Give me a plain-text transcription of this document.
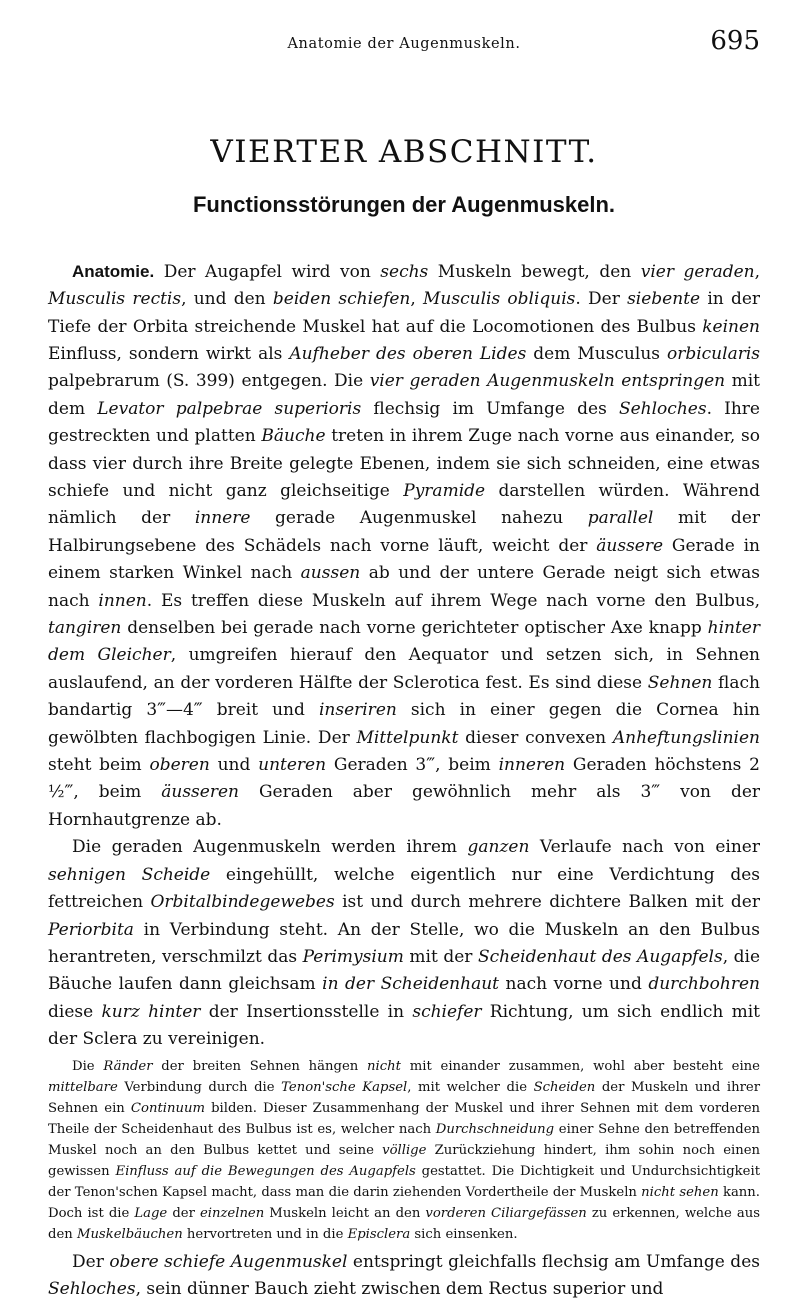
Anatomie der Augenmuskeln.	695
VIERTER ABSCHNITT.
Functionsstörungen der Augenmuskeln.

Anatomie. Der Augapfel wird von sechs Muskeln bewegt, den vier geraden, Musculis rectis, und den beiden schiefen, Musculis obliquis. Der siebente in der Tiefe der Orbita streichende Muskel hat auf die Locomotionen des Bulbus keinen Einfluss, sondern wirkt als Aufheber des oberen Lides dem Musculus orbicularis palpebrarum (S. 399) entgegen. Die vier geraden Augenmuskeln entspringen mit dem Levator palpebrae superioris flechsig im Umfange des Sehloches. Ihre gestreckten und platten Bäuche treten in ihrem Zuge nach vorne aus einander, so dass vier durch ihre Breite gelegte Ebenen, indem sie sich schneiden, eine etwas schiefe und nicht ganz gleichseitige Pyramide darstellen würden. Während nämlich der innere gerade Augenmuskel nahezu parallel mit der Halbirungsebene des Schädels nach vorne läuft, weicht der äussere Gerade in einem starken Winkel nach aussen ab und der untere Gerade neigt sich etwas nach innen. Es treffen diese Muskeln auf ihrem Wege nach vorne den Bulbus, tangiren denselben bei gerade nach vorne gerichteter optischer Axe knapp hinter dem Gleicher, umgreifen hierauf den Aequator und setzen sich, in Sehnen auslaufend, an der vorderen Hälfte der Sclerotica fest. Es sind diese Sehnen flach bandartig 3‴—4‴ breit und inseriren sich in einer gegen die Cornea hin gewölbten flachbogigen Linie. Der Mittelpunkt dieser convexen Anheftungslinien steht beim oberen und unteren Geraden 3‴, beim inneren Geraden höchstens 2 ½‴, beim äusseren Geraden aber gewöhnlich mehr als 3‴ von der Hornhautgrenze ab.

Die geraden Augenmuskeln werden ihrem ganzen Verlaufe nach von einer sehnigen Scheide eingehüllt, welche eigentlich nur eine Verdichtung des fettreichen Orbitalbindegewebes ist und durch mehrere dichtere Balken mit der Periorbita in Verbindung steht. An der Stelle, wo die Muskeln an den Bulbus herantreten, verschmilzt das Perimysium mit der Scheidenhaut des Augapfels, die Bäuche laufen dann gleichsam in der Scheidenhaut nach vorne und durchbohren diese kurz hinter der Insertionsstelle in schiefer Richtung, um sich endlich mit der Sclera zu vereinigen.

Die Ränder der breiten Sehnen hängen nicht mit einander zusammen, wohl aber besteht eine mittelbare Verbindung durch die Tenon'sche Kapsel, mit welcher die Scheiden der Muskeln und ihrer Sehnen ein Continuum bilden. Dieser Zusammenhang der Muskel und ihrer Sehnen mit dem vorderen Theile der Scheidenhaut des Bulbus ist es, welcher nach Durchschneidung einer Sehne den betreffenden Muskel noch an den Bulbus kettet und seine völlige Zurückziehung hindert, ihm sohin noch einen gewissen Einfluss auf die Bewegungen des Augapfels gestattet. Die Dichtigkeit und Undurchsichtigkeit der Tenon'schen Kapsel macht, dass man die darin ziehenden Vordertheile der Muskeln nicht sehen kann. Doch ist die Lage der einzelnen Muskeln leicht an den vorderen Ciliargefässen zu erkennen, welche aus den Muskelbäuchen hervortreten und in die Episclera sich einsenken.

Der obere schiefe Augenmuskel entspringt gleichfalls flechsig am Umfange des Sehloches, sein dünner Bauch zieht zwischen dem Rectus superior und
